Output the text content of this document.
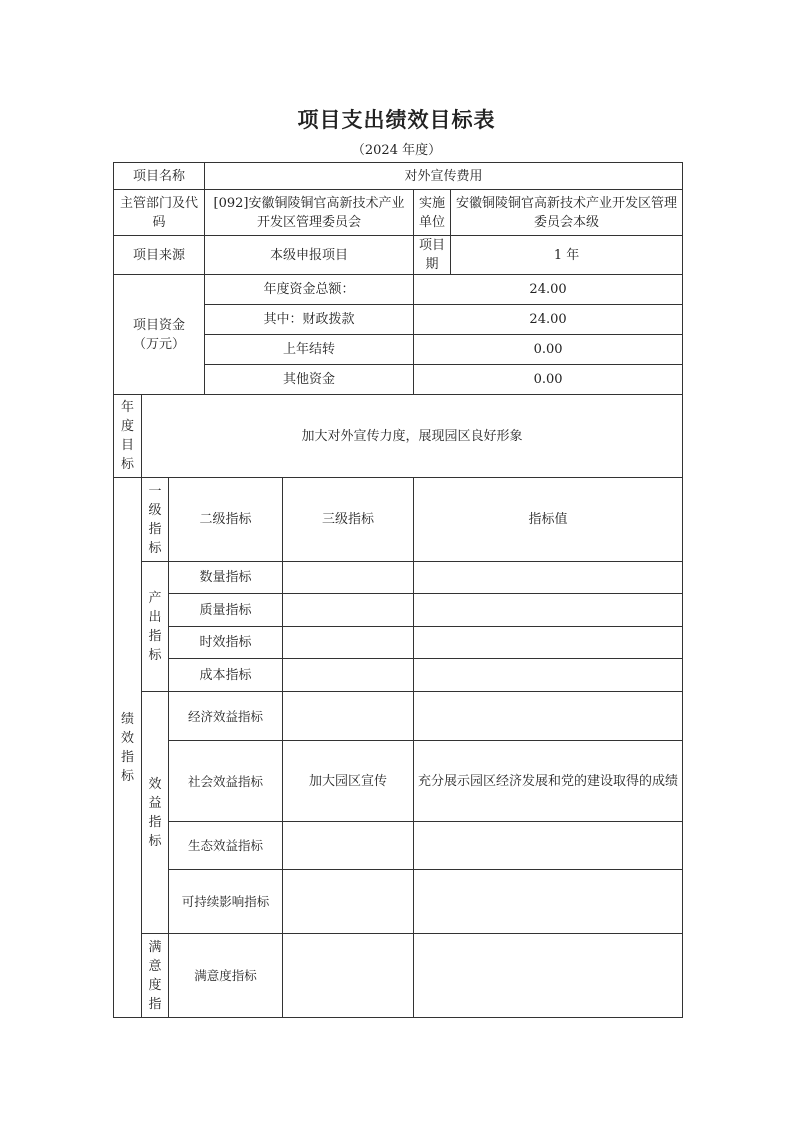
项目支出绩效目标表
（2024 年度）
项目名称			对外宣传费用			
主管部门及代码			[092]安徽铜陵铜官高新技术产业开发区管理委员会		实施单位	安徽铜陵铜官高新技术产业开发区管理委员会本级
项目来源			本级申报项目		项目期	1 年

项目资金
（万元）			年度资金总额：		24.00	
			其中：财政拨款		24.00	
			上年结转		0.00	
			其他资金		0.00	

年
度
目
标	加大对外宣传力度，展现园区良好形象					

绩
效
指
标	一
级
指
标	二级指标		三级指标	指标值	

	产
出
指
标	数量指标				
		质量指标				
		时效指标				
		成本指标				

	效
益
指
标	经济效益指标				
		社会效益指标		加大园区宣传	充分展示园区经济发展和党的建设取得的成绩	
		生态效益指标				
		可持续影响指标				

	满
意
度
指	满意度指标				
